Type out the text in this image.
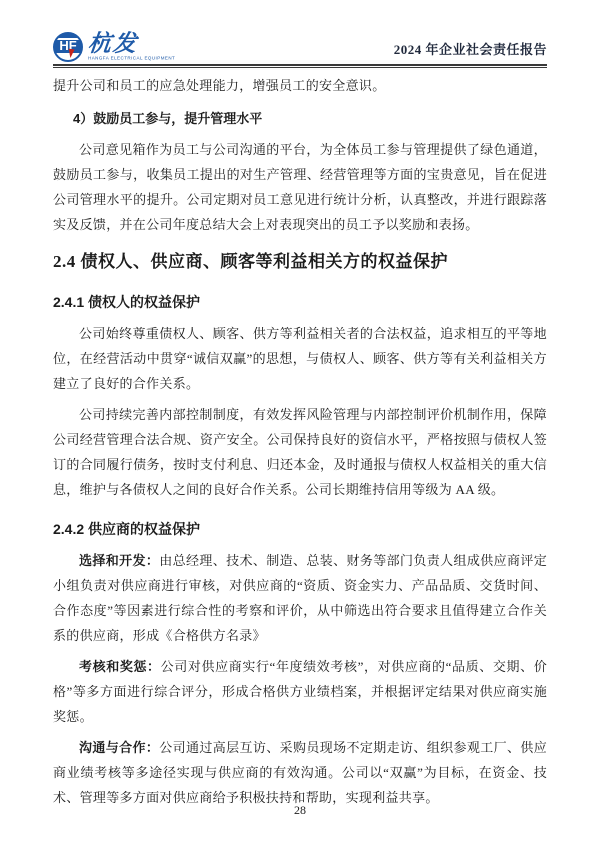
HF 杭发
HANGFA ELECTRICAL EQUIPMENT
2024 年企业社会责任报告

提升公司和员工的应急处理能力，增强员工的安全意识。

4）鼓励员工参与，提升管理水平

公司意见箱作为员工与公司沟通的平台，为全体员工参与管理提供了绿色通道，鼓励员工参与，收集员工提出的对生产管理、经营管理等方面的宝贵意见，旨在促进公司管理水平的提升。公司定期对员工意见进行统计分析，认真整改，并进行跟踪落实及反馈，并在公司年度总结大会上对表现突出的员工予以奖励和表扬。

2.4 债权人、供应商、顾客等利益相关方的权益保护
2.4.1 债权人的权益保护

公司始终尊重债权人、顾客、供方等利益相关者的合法权益，追求相互的平等地位，在经营活动中贯穿“诚信双赢”的思想，与债权人、顾客、供方等有关利益相关方建立了良好的合作关系。

公司持续完善内部控制制度，有效发挥风险管理与内部控制评价机制作用，保障公司经营管理合法合规、资产安全。公司保持良好的资信水平，严格按照与债权人签订的合同履行债务，按时支付利息、归还本金，及时通报与债权人权益相关的重大信息，维护与各债权人之间的良好合作关系。公司长期维持信用等级为 AA 级。

2.4.2 供应商的权益保护

选择和开发：由总经理、技术、制造、总装、财务等部门负责人组成供应商评定小组负责对供应商进行审核，对供应商的“资质、资金实力、产品品质、交货时间、合作态度”等因素进行综合性的考察和评价，从中筛选出符合要求且值得建立合作关系的供应商，形成《合格供方名录》

考核和奖惩：公司对供应商实行“年度绩效考核”，对供应商的“品质、交期、价格”等多方面进行综合评分，形成合格供方业绩档案，并根据评定结果对供应商实施奖惩。

沟通与合作：公司通过高层互访、采购员现场不定期走访、组织参观工厂、供应商业绩考核等多途径实现与供应商的有效沟通。公司以“双赢”为目标，在资金、技术、管理等多方面对供应商给予积极扶持和帮助，实现利益共享。

28
